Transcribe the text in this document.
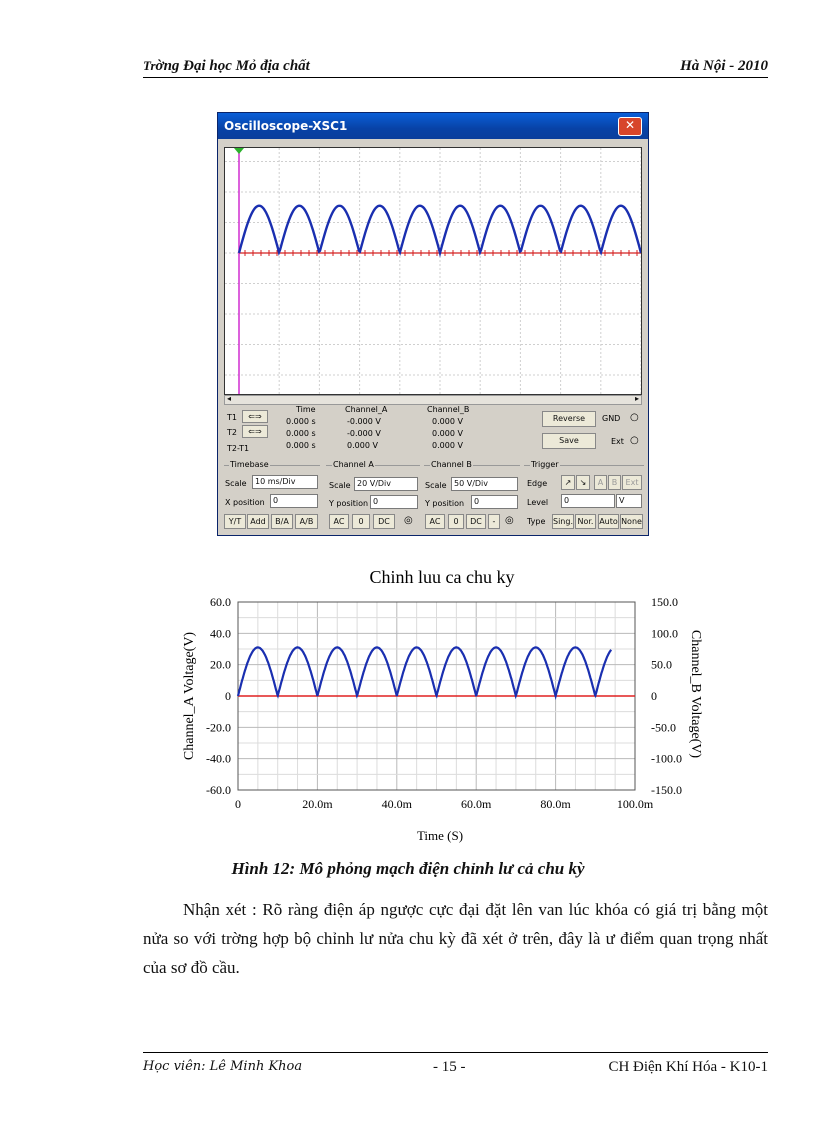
Trờng Đại học Mỏ địa chất	Hà Nội - 2010
Oscilloscope-XSC1	✕
◂	▸
T1	⇐⇒
T2	⇐⇒
T2-T1
Time	Channel_A	Channel_B
0.000 s	-0.000 V	0.000 V
0.000 s	-0.000 V	0.000 V
0.000 s	0.000 V	0.000 V
Reverse
Save
GND ○
Ext ○
Timebase
Scale	10 ms/Div
X position	0
Y/T	Add	B/A	A/B
Channel A
Scale 20 V/Div
Y position 0
AC	0	DC	◎
Channel B
Scale 50 V/Div
Y position	0
AC	0	DC	- ◎
Trigger
Edge	↗	↘	A	B	Ext
Level	0	V
Type Sing. Nor. Auto None
Chinh luu ca chu ky
Time (S)
Channel_A Voltage(V)	Channel_B Voltage(V)
0	20.0m	40.0m	60.0m	80.0m	100.0m
60.0
40.0
20.0
0
-20.0
-40.0
-60.0
150.0
100.0
50.0
0
-50.0
-100.0
-150.0
Hình 12: Mô phỏng mạch điện chỉnh lư cả chu kỳ

Nhận xét : Rõ ràng điện áp ngược cực đại đặt lên van lúc khóa có giá trị bằng một nửa so với trờng hợp bộ chỉnh lư nửa chu kỳ đã xét ở trên, đây là ư điểm quan trọng nhất của sơ đồ cầu.

Học viên: Lê Minh Khoa	- 15 -	CH Điện Khí Hóa - K10-1
